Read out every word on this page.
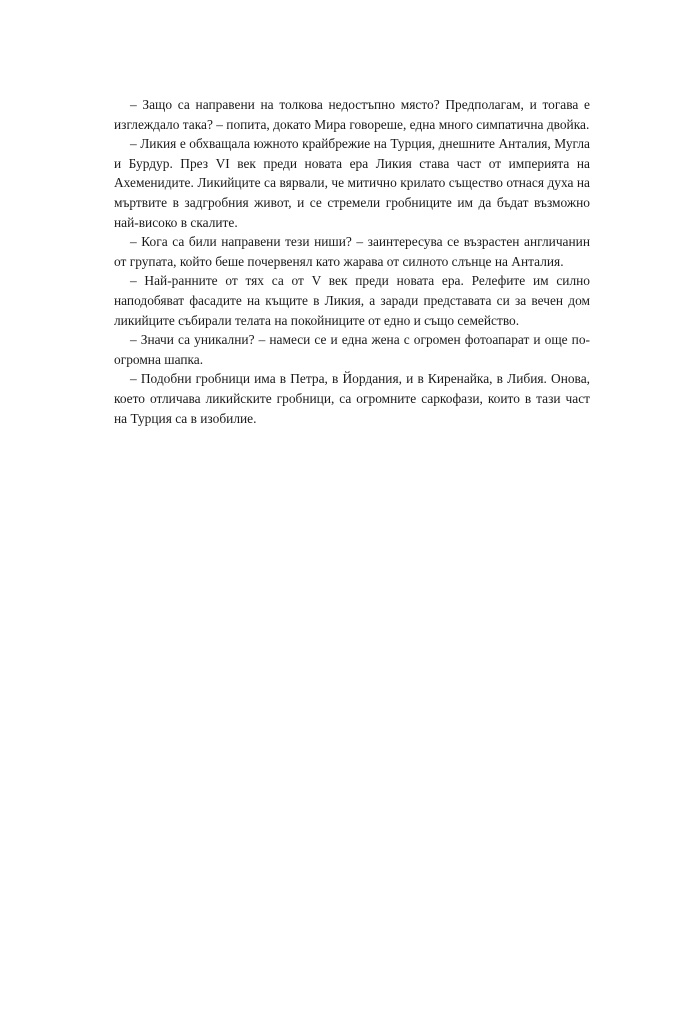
– Защо са направени на толкова недостъпно място? Предполагам, и тогава е изглеждало така? – попита, докато Мира говореше, една много симпатична двойка.

– Ликия е обхващала южното крайбрежие на Турция, днешните Анталия, Мугла и Бурдур. През VI век преди новата ера Ликия става част от империята на Ахеменидите. Ликийците са вярвали, че митично крилато същество отнася духа на мъртвите в задгробния живот, и се стремели гробниците им да бъдат възможно най-високо в скалите.

– Кога са били направени тези ниши? – заинтересува се възрастен англичанин от групата, който беше почервенял като жарава от силното слънце на Анталия.

– Най-ранните от тях са от V век преди новата ера. Релефите им силно наподобяват фасадите на къщите в Ликия, а заради представата си за вечен дом ликийците събирали телата на покойниците от едно и също семейство.

– Значи са уникални? – намеси се и една жена с огромен фотоапарат и още по-огромна шапка.

– Подобни гробници има в Петра, в Йордания, и в Киренайка, в Либия. Онова, което отличава ликийските гробници, са огромните саркофази, които в тази част на Турция са в изобилие.
